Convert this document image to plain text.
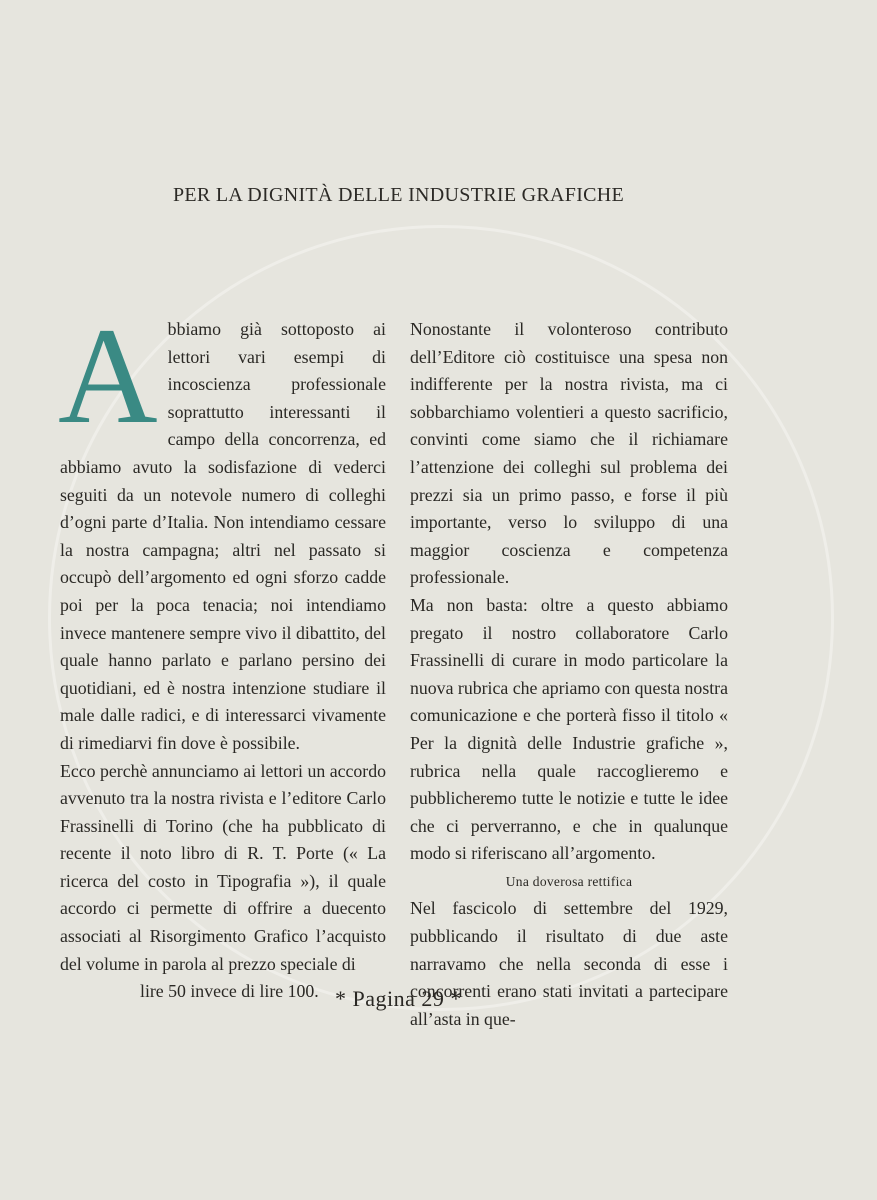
PER LA DIGNITÀ DELLE INDUSTRIE GRAFICHE
A bbiamo già sottoposto ai lettori vari esempi di incoscienza professionale soprattutto interessanti il campo della concorrenza, ed abbiamo avuto la sodisfazione di vederci seguiti da un notevole numero di colleghi d’ogni parte d’Italia. Non intendiamo cessare la nostra campagna; altri nel passato si occupò dell’argomento ed ogni sforzo cadde poi per la poca tenacia; noi intendiamo invece mantenere sempre vivo il dibattito, del quale hanno parlato e parlano persino dei quotidiani, ed è nostra intenzione studiare il male dalle radici, e di interessarci vivamente di rimediarvi fin dove è possibile.

Ecco perchè annunciamo ai lettori un accordo avvenuto tra la nostra rivista e l’editore Carlo Frassinelli di Torino (che ha pubblicato di recente il noto libro di R. T. Porte (« La ricerca del costo in Tipografia »), il quale accordo ci permette di offrire a duecento associati al Risorgimento Grafico l’acquisto del volume in parola al prezzo speciale di

lire 50 invece di lire 100.

Nonostante il volonteroso contributo dell’Editore ciò costituisce una spesa non indifferente per la nostra rivista, ma ci sobbarchiamo volentieri a questo sacrificio, convinti come siamo che il richiamare l’attenzione dei colleghi sul problema dei prezzi sia un primo passo, e forse il più importante, verso lo sviluppo di una maggior coscienza e competenza professionale.

Ma non basta: oltre a questo abbiamo pregato il nostro collaboratore Carlo Frassinelli di curare in modo particolare la nuova rubrica che apriamo con questa nostra comunicazione e che porterà fisso il titolo « Per la dignità delle Industrie grafiche », rubrica nella quale raccoglieremo e pubblicheremo tutte le notizie e tutte le idee che ci perverranno, e che in qualunque modo si riferiscano all’argomento.

Una doverosa rettifica

Nel fascicolo di settembre del 1929, pubblicando il risultato di due aste narravamo che nella seconda di esse i concorrenti erano stati invitati a partecipare all’asta in que-

* Pagina 29 *
